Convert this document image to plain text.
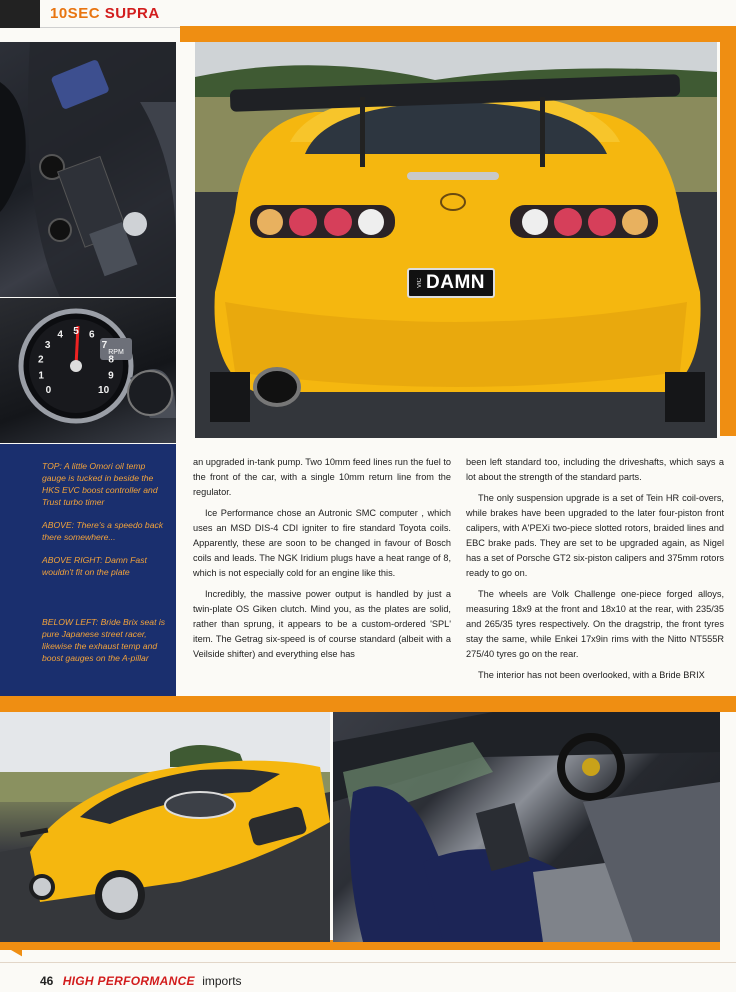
10SEC SUPRA
0
1
2
3
4 5 6
7
8
9
10
RPM
VIC DAMN

TOP: A little Omori oil temp gauge is tucked in beside the HKS EVC boost controller and Trust turbo timer

ABOVE: There's a speedo back there somewhere...

ABOVE RIGHT: Damn Fast wouldn't fit on the plate

BELOW LEFT: Bride Brix seat is pure Japanese street racer, likewise the exhaust temp and boost gauges on the A-pillar

an upgraded in-tank pump. Two 10mm feed lines run the fuel to the front of the car, with a single 10mm return line from the regulator.

Ice Performance chose an Autronic SMC computer , which uses an MSD DIS-4 CDI igniter to fire standard Toyota coils. Apparently, these are soon to be changed in favour of Bosch coils and leads. The NGK Iridium plugs have a heat range of 8, which is not especially cold for an engine like this.

Incredibly, the massive power output is handled by just a twin-plate OS Giken clutch. Mind you, as the plates are solid, rather than sprung, it appears to be a custom-ordered 'SPL' item. The Getrag six-speed is of course standard (albeit with a Veilside shifter) and everything else has

been left standard too, including the driveshafts, which says a lot about the strength of the standard parts.

The only suspension upgrade is a set of Tein HR coil-overs, while brakes have been upgraded to the later four-piston front calipers, with A'PEXi two-piece slotted rotors, braided lines and EBC brake pads. They are set to be upgraded again, as Nigel has a set of Porsche GT2 six-piston calipers and 375mm rotors ready to go on.

The wheels are Volk Challenge one-piece forged alloys, measuring 18x9 at the front and 18x10 at the rear, with 235/35 and 265/35 tyres respectively. On the dragstrip, the front tyres stay the same, while Enkei 17x9in rims with the Nitto NT555R 275/40 tyres go on the rear.

The interior has not been overlooked, with a Bride BRIX

46 HIGH PERFORMANCE imports
